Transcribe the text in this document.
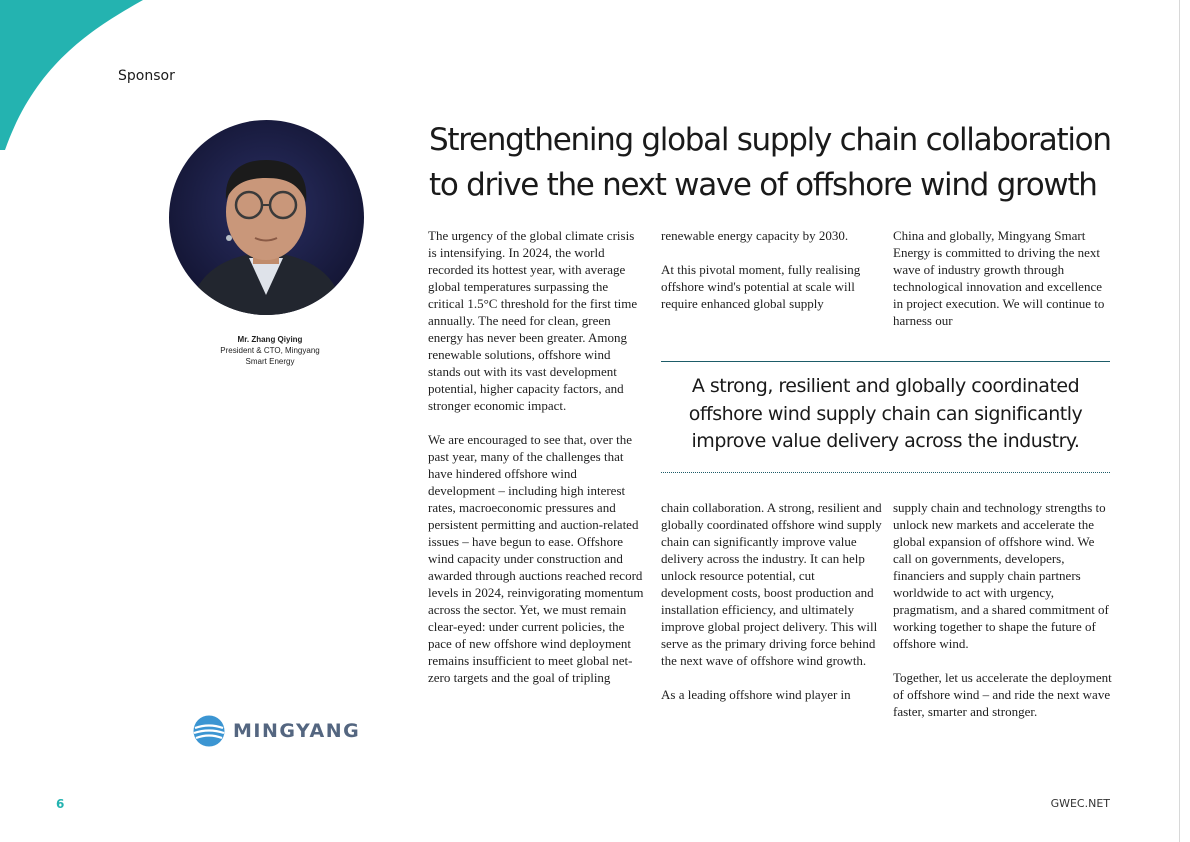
Sponsor
Mr. Zhang Qiying
President & CTO, Mingyang
Smart Energy
MINGYANG
Strengthening global supply chain collaboration
to drive the next wave of offshore wind growth

The urgency of the global climate crisis is intensifying. In 2024, the world recorded its hottest year, with average global temperatures surpassing the critical 1.5°C threshold for the first time annually. The need for clean, green energy has never been greater. Among renewable solutions, offshore wind stands out with its vast development potential, higher capacity factors, and stronger economic impact.

We are encouraged to see that, over the past year, many of the challenges that have hindered offshore wind development – including high interest rates, macroeconomic pressures and persistent permitting and auction-related issues – have begun to ease. Offshore wind capacity under construction and awarded through auctions reached record levels in 2024, reinvigorating momentum across the sector. Yet, we must remain clear-eyed: under current policies, the pace of new offshore wind deployment remains insufficient to meet global net-zero targets and the goal of tripling

renewable energy capacity by 2030.

At this pivotal moment, fully realising offshore wind's potential at scale will require enhanced global supply

China and globally, Mingyang Smart Energy is committed to driving the next wave of industry growth through technological innovation and excellence in project execution. We will continue to harness our

A strong, resilient and globally coordinated
offshore wind supply chain can significantly
improve value delivery across the industry.

chain collaboration. A strong, resilient and globally coordinated offshore wind supply chain can significantly improve value delivery across the industry. It can help unlock resource potential, cut development costs, boost production and installation efficiency, and ultimately improve global project delivery. This will serve as the primary driving force behind the next wave of offshore wind growth.

As a leading offshore wind player in

supply chain and technology strengths to unlock new markets and accelerate the global expansion of offshore wind. We call on governments, developers, financiers and supply chain partners worldwide to act with urgency, pragmatism, and a shared commitment of working together to shape the future of offshore wind.

Together, let us accelerate the deployment of offshore wind – and ride the next wave faster, smarter and stronger.

6	GWEC.NET
